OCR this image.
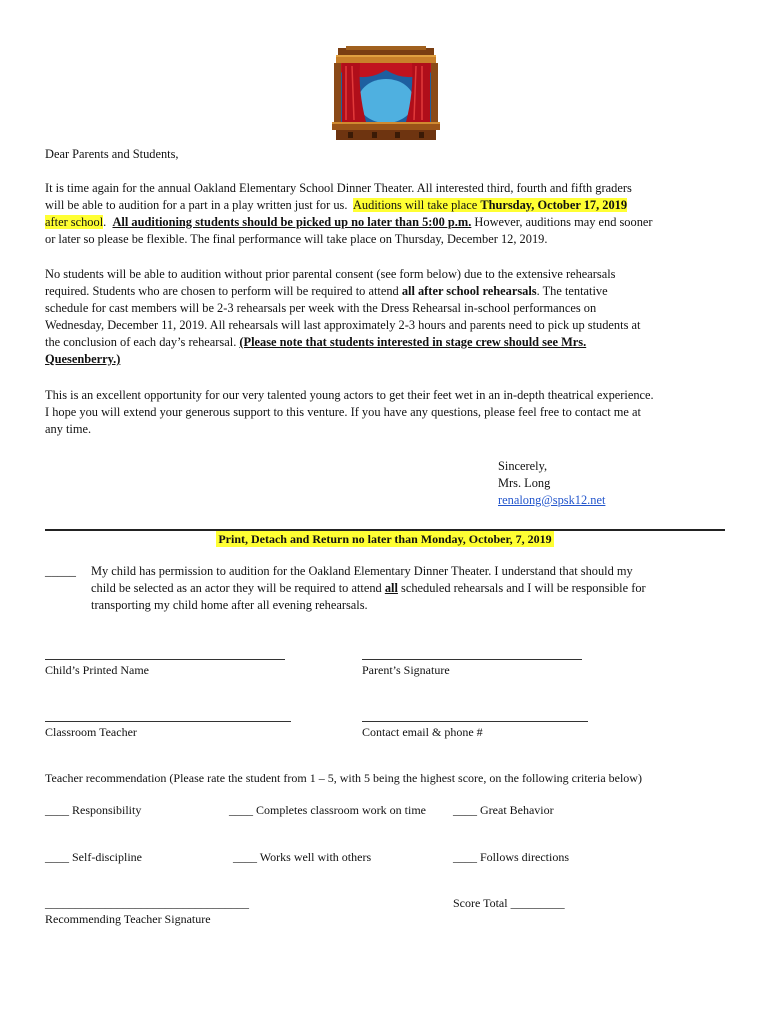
Dear Parents and Students,
It is time again for the annual Oakland Elementary School Dinner Theater. All interested third, fourth and fifth graders
will be able to audition for a part in a play written just for us. Auditions will take place Thursday, October 17, 2019
after school. All auditioning students should be picked up no later than 5:00 p.m. However, auditions may end sooner
or later so please be flexible. The final performance will take place on Thursday, December 12, 2019.
No students will be able to audition without prior parental consent (see form below) due to the extensive rehearsals
required. Students who are chosen to perform will be required to attend all after school rehearsals. The tentative
schedule for cast members will be 2-3 rehearsals per week with the Dress Rehearsal in-school performances on
Wednesday, December 11, 2019. All rehearsals will last approximately 2-3 hours and parents need to pick up students at
the conclusion of each day’s rehearsal. (Please note that students interested in stage crew should see Mrs.
Quesenberry.)
This is an excellent opportunity for our very talented young actors to get their feet wet in an in-depth theatrical experience.
I hope you will extend your generous support to this venture. If you have any questions, please feel free to contact me at
any time.
Sincerely,
Mrs. Long
renalong@spsk12.net
Print, Detach and Return no later than Monday, October, 7, 2019
_____ My child has permission to audition for the Oakland Elementary Dinner Theater. I understand that should my
child be selected as an actor they will be required to attend all scheduled rehearsals and I will be responsible for
transporting my child home after all evening rehearsals.
Child’s Printed Name	Parent’s Signature
Classroom Teacher	Contact email & phone #
Teacher recommendation (Please rate the student from 1 – 5, with 5 being the highest score, on the following criteria below)
____ Responsibility	____ Completes classroom work on time ____ Great Behavior
____ Self-discipline	____ Works well with others	____ Follows directions
__________________________________	Score Total _________
Recommending Teacher Signature
